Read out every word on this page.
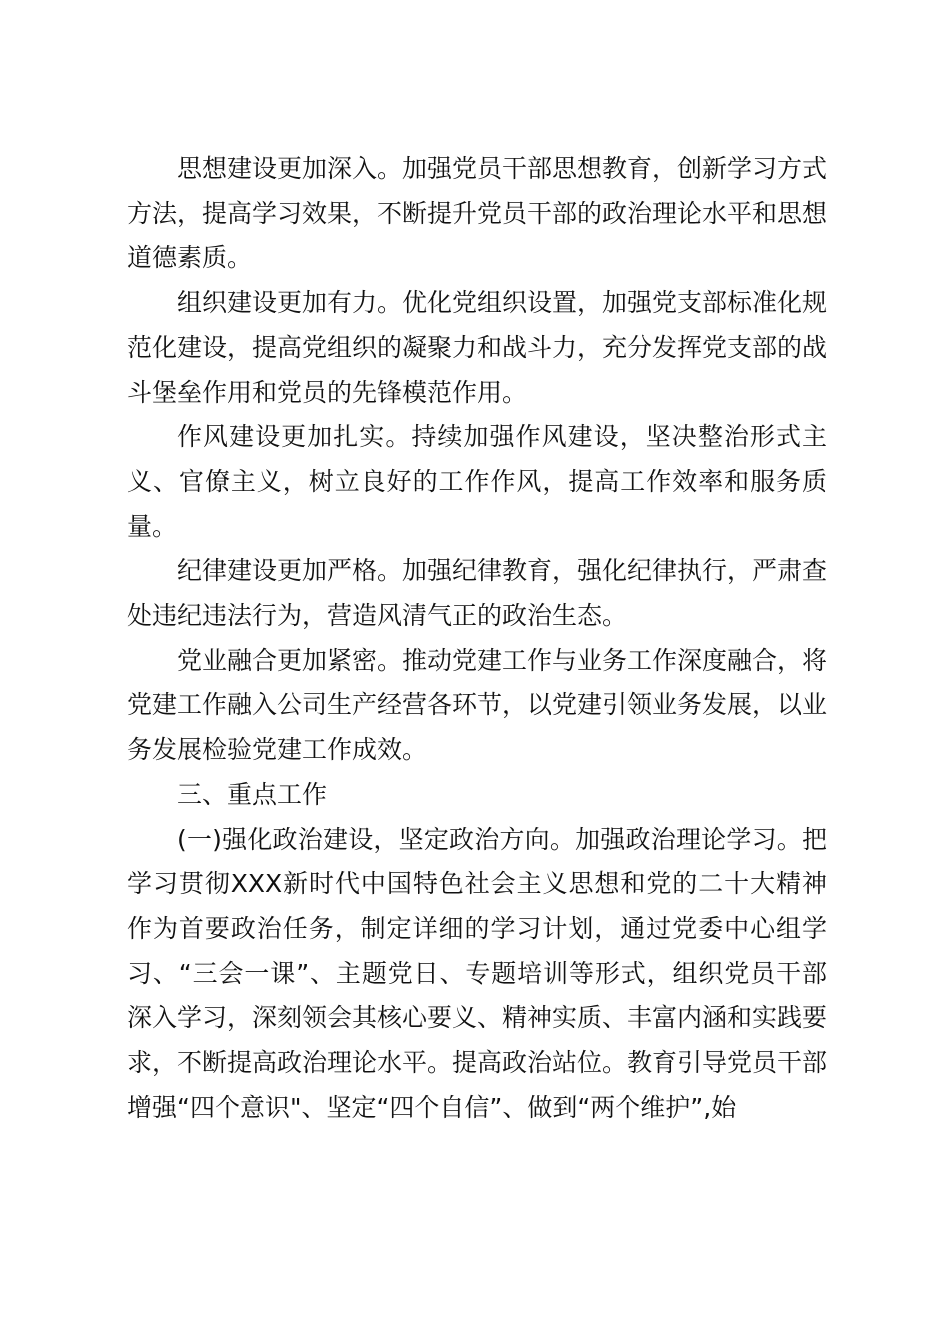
思想建设更加深入。加强党员干部思想教育，创新学习方式方法，提高学习效果，不断提升党员干部的政治理论水平和思想道德素质。

组织建设更加有力。优化党组织设置，加强党支部标准化规范化建设，提高党组织的凝聚力和战斗力，充分发挥党支部的战斗堡垒作用和党员的先锋模范作用。

作风建设更加扎实。持续加强作风建设，坚决整治形式主义、官僚主义，树立良好的工作作风，提高工作效率和服务质量。

纪律建设更加严格。加强纪律教育，强化纪律执行，严肃查处违纪违法行为，营造风清气正的政治生态。

党业融合更加紧密。推动党建工作与业务工作深度融合，将党建工作融入公司生产经营各环节，以党建引领业务发展，以业务发展检验党建工作成效。

三、重点工作

(一)强化政治建设，坚定政治方向。加强政治理论学习。把学习贯彻XXX新时代中国特色社会主义思想和党的二十大精神作为首要政治任务，制定详细的学习计划，通过党委中心组学习、“三会一课”、主题党日、专题培训等形式，组织党员干部深入学习，深刻领会其核心要义、精神实质、丰富内涵和实践要求，不断提高政治理论水平。提高政治站位。教育引导党员干部增强“四个意识"、坚定“四个自信”、做到“两个维护”,始
